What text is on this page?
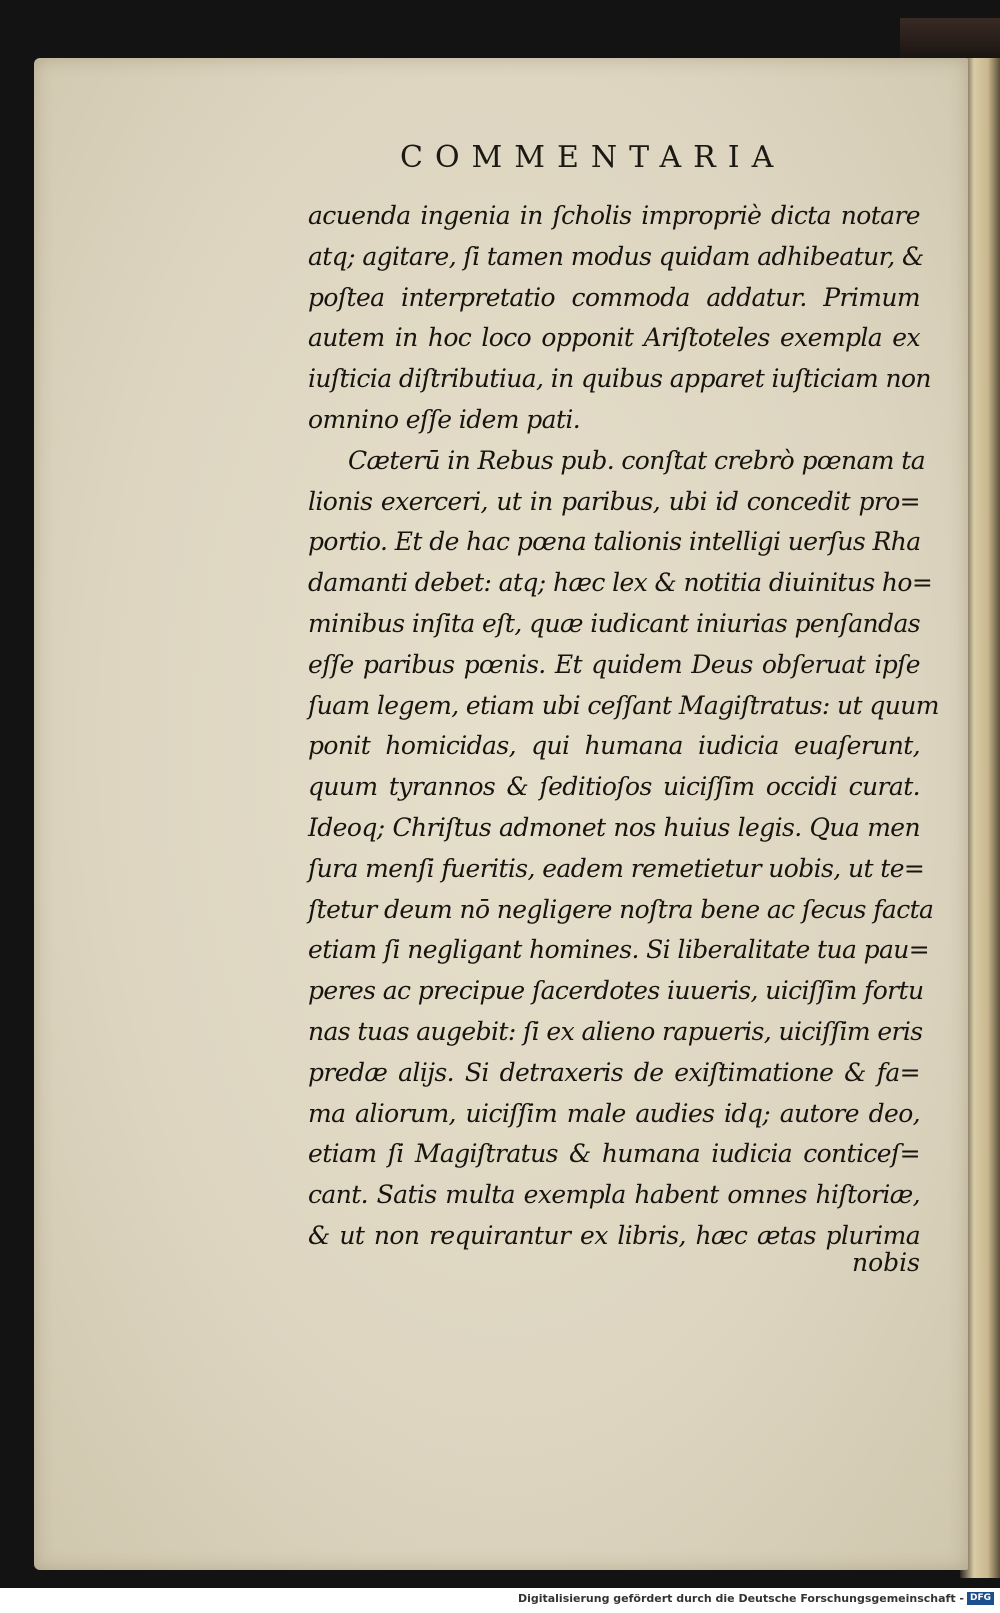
COMMENTARIA
acuenda ingenia in ſcholis impropriè dicta notare
atq; agitare, ſi tamen modus quidam adhibeatur, &
poſtea interpretatio commoda addatur. Primum
autem in hoc loco opponit Ariſtoteles exempla ex
iuſticia diſtributiua, in quibus apparet iuſticiam non
omnino eſſe idem pati.
Cæterū in Rebus pub. conſtat crebrò pœnam ta
lionis exerceri, ut in paribus, ubi id concedit pro=
portio. Et de hac pœna talionis intelligi uerſus Rha
damanti debet: atq; hæc lex & notitia diuinitus ho=
minibus inſita eſt, quæ iudicant iniurias penſandas
eſſe paribus pœnis. Et quidem Deus obſeruat ipſe
ſuam legem, etiam ubi ceſſant Magiſtratus: ut quum
ponit homicidas, qui humana iudicia euaſerunt,
quum tyrannos & ſeditioſos uiciſſim occidi curat.
Ideoq; Chriſtus admonet nos huius legis. Qua men
ſura menſi fueritis, eadem remetietur uobis, ut te=
ſtetur deum nō negligere noſtra bene ac ſecus facta
etiam ſi negligant homines. Si liberalitate tua pau=
peres ac precipue ſacerdotes iuueris, uiciſſim fortu
nas tuas augebit: ſi ex alieno rapueris, uiciſſim eris
predæ alijs. Si detraxeris de exiſtimatione & fa=
ma aliorum, uiciſſim male audies idq; autore deo,
etiam ſi Magiſtratus & humana iudicia conticeſ=
cant. Satis multa exempla habent omnes hiſtoriæ,
& ut non requirantur ex libris, hæc ætas plurima
nobis
Digitalisierung gefördert durch die Deutsche Forschungsgemeinschaft - DFG
